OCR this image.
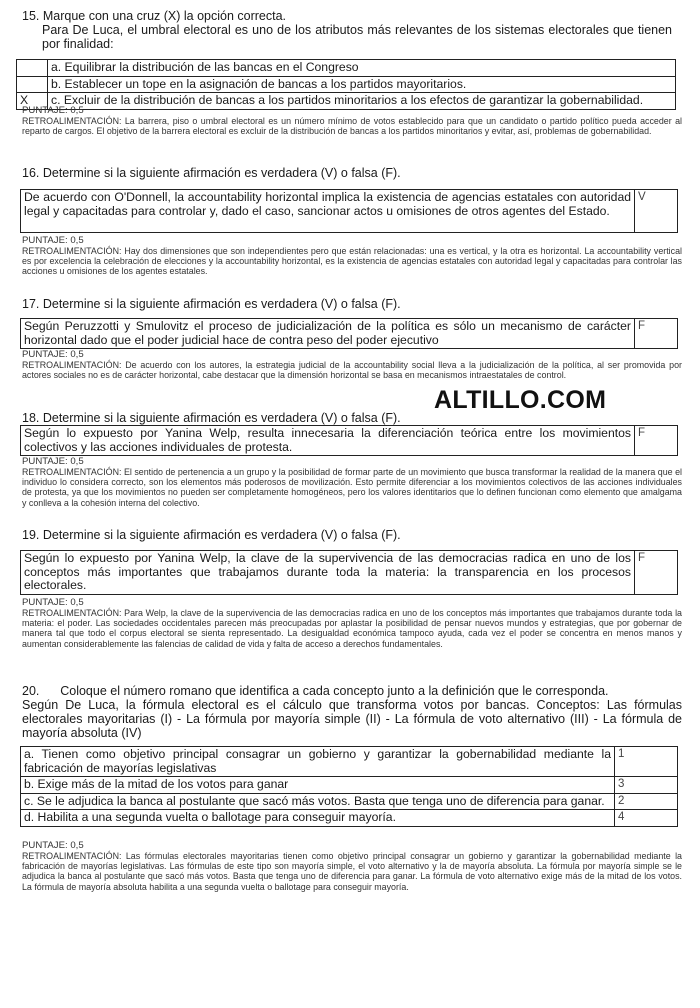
15. Marque con una cruz (X) la opción correcta.
Para De Luca, el umbral electoral es uno de los atributos más relevantes de los sistemas electorales que tienen por finalidad:
	a. Equilibrar la distribución de las bancas en el Congreso
	b. Establecer un tope en la asignación de bancas a los partidos mayoritarios.
X	c. Excluir de la distribución de bancas a los partidos minoritarios a los efectos de garantizar la gobernabilidad.
PUNTAJE: 0,5
RETROALIMENTACIÓN: La barrera, piso o umbral electoral es un número mínimo de votos establecido para que un candidato o partido político pueda acceder al reparto de cargos. El objetivo de la barrera electoral es excluir de la distribución de bancas a los partidos minoritarios y evitar, así, problemas de gobernabilidad.
16. Determine si la siguiente afirmación es verdadera (V) o falsa (F).
De acuerdo con O'Donnell, la accountability horizontal implica la existencia de agencias estatales con autoridad legal y capacitadas para controlar y, dado el caso, sancionar actos u omisiones de otros agentes del Estado.	V
PUNTAJE: 0,5
RETROALIMENTACIÓN: Hay dos dimensiones que son independientes pero que están relacionadas: una es vertical, y la otra es horizontal. La accountability vertical es por excelencia la celebración de elecciones y la accountability horizontal, es la existencia de agencias estatales con autoridad legal y capacitadas para controlar las acciones u omisiones de los agentes estatales.
17. Determine si la siguiente afirmación es verdadera (V) o falsa (F).
Según Peruzzotti y Smulovitz el proceso de judicialización de la política es sólo un mecanismo de carácter horizontal dado que el poder judicial hace de contra peso del poder ejecutivo	F
PUNTAJE: 0,5
RETROALIMENTACIÓN: De acuerdo con los autores, la estrategia judicial de la accountability social lleva a la judicialización de la política, al ser promovida por actores sociales no es de carácter horizontal, cabe destacar que la dimensión horizontal se basa en mecanismos intraestatales de control.
ALTILLO.COM
18. Determine si la siguiente afirmación es verdadera (V) o falsa (F).
Según lo expuesto por Yanina Welp, resulta innecesaria la diferenciación teórica entre los movimientos colectivos y las acciones individuales de protesta.	F
PUNTAJE: 0,5
RETROALIMENTACIÓN: El sentido de pertenencia a un grupo y la posibilidad de formar parte de un movimiento que busca transformar la realidad de la manera que el individuo lo considera correcto, son los elementos más poderosos de movilización. Esto permite diferenciar a los movimientos colectivos de las acciones individuales de protesta, ya que los movimientos no pueden ser completamente homogéneos, pero los valores identitarios que lo definen funcionan como elemento que amalgama y conlleva a la cohesión interna del colectivo.
19. Determine si la siguiente afirmación es verdadera (V) o falsa (F).
Según lo expuesto por Yanina Welp, la clave de la supervivencia de las democracias radica en uno de los conceptos más importantes que trabajamos durante toda la materia: la transparencia en los procesos electorales.	F
PUNTAJE: 0,5
RETROALIMENTACIÓN: Para Welp, la clave de la supervivencia de las democracias radica en uno de los conceptos más importantes que trabajamos durante toda la materia: el poder. Las sociedades occidentales parecen más preocupadas por aplastar la posibilidad de pensar nuevos mundos y estrategias, que por gobernar de manera tal que todo el corpus electoral se sienta representado. La desigualdad económica tampoco ayuda, cada vez el poder se concentra en menos manos y aumentan considerablemente las falencias de calidad de vida y falta de acceso a derechos fundamentales.
20.      Coloque el número romano que identifica a cada concepto junto a la definición que le corresponda.
Según De Luca, la fórmula electoral es el cálculo que transforma votos por bancas. Conceptos: Las fórmulas electorales mayoritarias (I) - La fórmula por mayoría simple (II) - La fórmula de voto alternativo (III) - La fórmula de mayoría absoluta (IV)
a. Tienen como objetivo principal consagrar un gobierno y garantizar la gobernabilidad mediante la fabricación de mayorías legislativas	1
b. Exige más de la mitad de los votos para ganar	3
c. Se le adjudica la banca al postulante que sacó más votos. Basta que tenga uno de diferencia para ganar.	2
d. Habilita a una segunda vuelta o ballotage para conseguir mayoría.	4
PUNTAJE: 0,5
RETROALIMENTACIÓN: Las fórmulas electorales mayoritarias tienen como objetivo principal consagrar un gobierno y garantizar la gobernabilidad mediante la fabricación de mayorías legislativas. Las fórmulas de este tipo son mayoría simple, el voto alternativo y la de mayoría absoluta. La fórmula por mayoría simple se le adjudica la banca al postulante que sacó más votos. Basta que tenga uno de diferencia para ganar. La fórmula de voto alternativo exige más de la mitad de los votos. La fórmula de mayoría absoluta habilita a una segunda vuelta o ballotage para conseguir mayoría.
